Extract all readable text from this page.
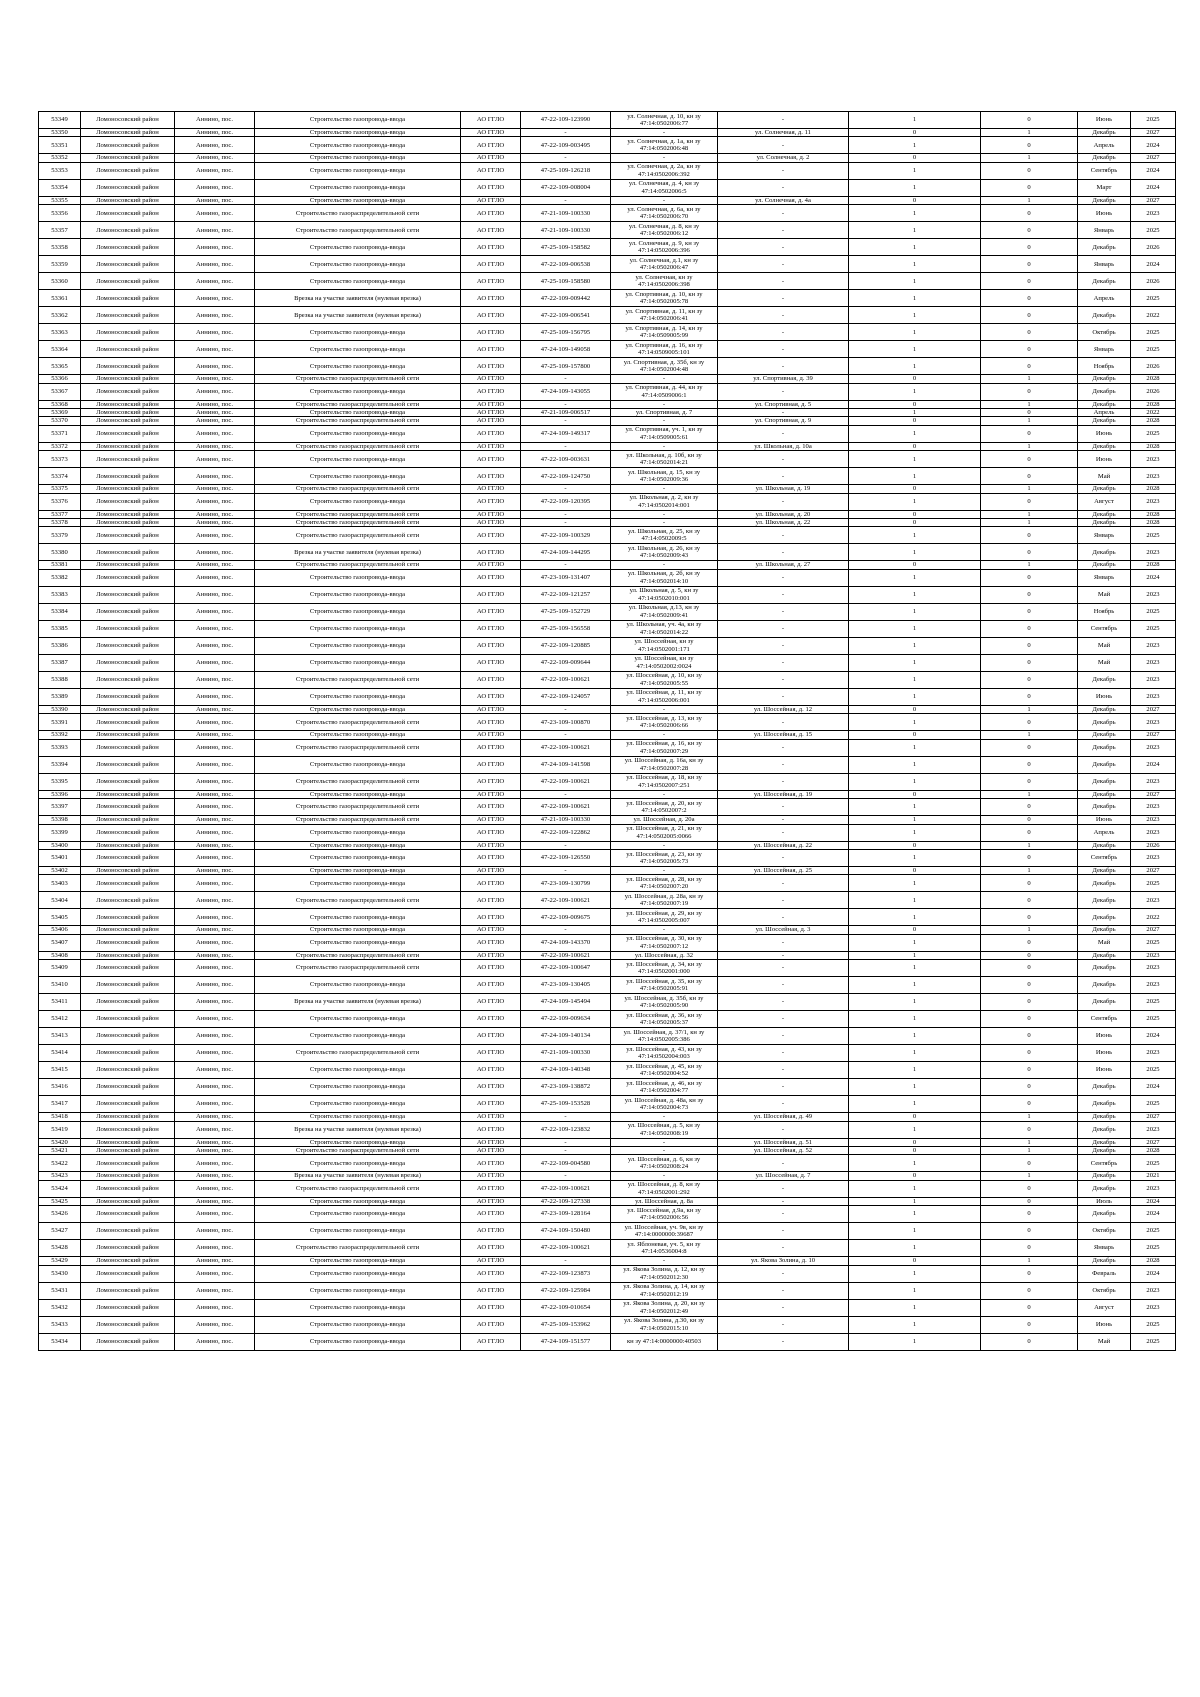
53349	Ломоносовский район	Аннино, пос.	Строительство газопровода-ввода	АО ГГЛО	47-22-109-123990	ул. Солнечная, д. 10, кн зу 47:14:0502006:77	-	1	0	Июнь	2025
53350	Ломоносовский район	Аннино, пос.	Строительство газопровода-ввода	АО ГГЛО	-	-	ул. Солнечная, д. 11	0	1	Декабрь	2027
53351	Ломоносовский район	Аннино, пос.	Строительство газопровода-ввода	АО ГГЛО	47-22-109-003495	ул. Солнечная, д. 1а, кн зу 47:14:0502006:48	-	1	0	Апрель	2024
53352	Ломоносовский район	Аннино, пос.	Строительство газопровода-ввода	АО ГГЛО	-	-	ул. Солнечная, д. 2	0	1	Декабрь	2027
53353	Ломоносовский район	Аннино, пос.	Строительство газопровода-ввода	АО ГГЛО	47-25-109-126218	ул. Солнечная, д. 2а, кн зу 47:14:0502006:392	-	1	0	Сентябрь	2024
53354	Ломоносовский район	Аннино, пос.	Строительство газопровода-ввода	АО ГГЛО	47-22-109-008004	ул. Солнечная, д. 4, кн зу 47:14:0502006:5	-	1	0	Март	2024
53355	Ломоносовский район	Аннино, пос.	Строительство газопровода-ввода	АО ГГЛО	-	-	ул. Солнечная, д. 4а	0	1	Декабрь	2027
53356	Ломоносовский район	Аннино, пос.	Строительство газораспределительной сети	АО ГГЛО	47-21-109-100330	ул. Солнечная, д. 6а, кн зу 47:14:0502006:70	-	1	0	Июнь	2023
53357	Ломоносовский район	Аннино, пос.	Строительство газораспределительной сети	АО ГГЛО	47-21-109-100330	ул. Солнечная, д. 8, кн зу 47:14:0502006:12	-	1	0	Январь	2025
53358	Ломоносовский район	Аннино, пос.	Строительство газопровода-ввода	АО ГГЛО	47-25-109-158582	ул. Солнечная, д. 9, кн зу 47:14:0502006:396	-	1	0	Декабрь	2026
53359	Ломоносовский район	Аннино, пос.	Строительство газопровода-ввода	АО ГГЛО	47-22-109-006538	ул. Солнечная, д.1, кн зу 47:14:0502006:47	-	1	0	Январь	2024
53360	Ломоносовский район	Аннино, пос.	Строительство газопровода-ввода	АО ГГЛО	47-25-109-158580	ул. Солнечная, кн зу 47:14:0502006:398	-	1	0	Декабрь	2026
53361	Ломоносовский район	Аннино, пос.	Врезка на участке заявителя (нулевая врезка)	АО ГГЛО	47-22-109-009442	ул. Спортивная, д. 10, кн зу 47:14:0502005:78	-	1	0	Апрель	2025
53362	Ломоносовский район	Аннино, пос.	Врезка на участке заявителя (нулевая врезка)	АО ГГЛО	47-22-109-006541	ул. Спортивная, д. 11, кн зу 47:14:0502006:41	-	1	0	Декабрь	2022
53363	Ломоносовский район	Аннино, пос.	Строительство газопровода-ввода	АО ГГЛО	47-25-109-156795	ул. Спортивная, д. 14, кн зу 47:14:0509005:99	-	1	0	Октябрь	2025
53364	Ломоносовский район	Аннино, пос.	Строительство газопровода-ввода	АО ГГЛО	47-24-109-149058	ул. Спортивная, д. 16, кн зу 47:14:0509005:101	-	1	0	Январь	2025
53365	Ломоносовский район	Аннино, пос.	Строительство газопровода-ввода	АО ГГЛО	47-25-109-157800	ул. Спортивная, д. 35б, кн зу 47:14:0502004:48	-	1	0	Ноябрь	2026
53366	Ломоносовский район	Аннино, пос.	Строительство газораспределительной сети	АО ГГЛО	-	-	ул. Спортивная, д. 39	0	1	Декабрь	2028
53367	Ломоносовский район	Аннино, пос.	Строительство газопровода-ввода	АО ГГЛО	47-24-109-143055	ул. Спортивная, д. 44, кн зу 47:14:0509006:1	-	1	0	Декабрь	2026
53368	Ломоносовский район	Аннино, пос.	Строительство газораспределительной сети	АО ГГЛО	-	-	ул. Спортивная, д. 5	0	1	Декабрь	2028
53369	Ломоносовский район	Аннино, пос.	Строительство газопровода-ввода	АО ГГЛО	47-21-109-006517	ул. Спортивная, д. 7	-	1	0	Апрель	2022
53370	Ломоносовский район	Аннино, пос.	Строительство газораспределительной сети	АО ГГЛО	-	-	ул. Спортивная, д. 9	0	1	Декабрь	2028
53371	Ломоносовский район	Аннино, пос.	Строительство газопровода-ввода	АО ГГЛО	47-24-109-149317	ул. Спортивная, уч. 1, кн зу 47:14:0509005:61	-	1	0	Июнь	2025
53372	Ломоносовский район	Аннино, пос.	Строительство газораспределительной сети	АО ГГЛО	-	-	ул. Школьная, д. 10а	0	1	Декабрь	2028
53373	Ломоносовский район	Аннино, пос.	Строительство газопровода-ввода	АО ГГЛО	47-22-109-003631	ул. Школьная, д. 10б, кн зу 47:14:0502014:21	-	1	0	Июнь	2023
53374	Ломоносовский район	Аннино, пос.	Строительство газопровода-ввода	АО ГГЛО	47-22-109-124750	ул. Школьная, д. 15, кн зу 47:14:0502009:36	-	1	0	Май	2023
53375	Ломоносовский район	Аннино, пос.	Строительство газораспределительной сети	АО ГГЛО	-	-	ул. Школьная, д. 19	0	1	Декабрь	2028
53376	Ломоносовский район	Аннино, пос.	Строительство газопровода-ввода	АО ГГЛО	47-22-109-120395	ул. Школьная, д. 2, кн зу 47:14:0502014:001	-	1	0	Август	2023
53377	Ломоносовский район	Аннино, пос.	Строительство газораспределительной сети	АО ГГЛО	-	-	ул. Школьная, д. 20	0	1	Декабрь	2028
53378	Ломоносовский район	Аннино, пос.	Строительство газораспределительной сети	АО ГГЛО	-	-	ул. Школьная, д. 22	0	1	Декабрь	2028
53379	Ломоносовский район	Аннино, пос.	Строительство газораспределительной сети	АО ГГЛО	47-22-109-100329	ул. Школьная, д. 25, кн зу 47:14:0502009:5	-	1	0	Январь	2025
53380	Ломоносовский район	Аннино, пос.	Врезка на участке заявителя (нулевая врезка)	АО ГГЛО	47-24-109-144295	ул. Школьная, д. 26, кн зу 47:14:0502009:43	-	1	0	Декабрь	2023
53381	Ломоносовский район	Аннино, пос.	Строительство газораспределительной сети	АО ГГЛО	-	-	ул. Школьная, д. 27	0	1	Декабрь	2028
53382	Ломоносовский район	Аннино, пос.	Строительство газопровода-ввода	АО ГГЛО	47-23-109-131407	ул. Школьная, д. 2б, кн зу 47:14:0502014:10	-	1	0	Январь	2024
53383	Ломоносовский район	Аннино, пос.	Строительство газопровода-ввода	АО ГГЛО	47-22-109-121257	ул. Школьная, д. 5, кн зу 47:14:0502010:001	-	1	0	Май	2023
53384	Ломоносовский район	Аннино, пос.	Строительство газопровода-ввода	АО ГГЛО	47-25-109-152729	ул. Школьная, д.13, кн зу 47:14:0502009:41	-	1	0	Ноябрь	2025
53385	Ломоносовский район	Аннино, пос.	Строительство газопровода-ввода	АО ГГЛО	47-25-109-156558	ул. Школьная, уч. 4а, кн зу 47:14:0502014:22	-	1	0	Сентябрь	2025
53386	Ломоносовский район	Аннино, пос.	Строительство газопровода-ввода	АО ГГЛО	47-22-109-120885	ул. Шоссейная, кн зу 47:14:0502001:171	-	1	0	Май	2023
53387	Ломоносовский район	Аннино, пос.	Строительство газопровода-ввода	АО ГГЛО	47-22-109-009644	ул. Шоссейная, кн зу 47:14:0502002:0024	-	1	0	Май	2023
53388	Ломоносовский район	Аннино, пос.	Строительство газораспределительной сети	АО ГГЛО	47-22-109-100621	ул. Шоссейная, д. 10, кн зу 47:14:0502005:55	-	1	0	Декабрь	2023
53389	Ломоносовский район	Аннино, пос.	Строительство газопровода-ввода	АО ГГЛО	47-22-109-124057	ул. Шоссейная, д. 11, кн зу 47:14:0502006:001	-	1	0	Июнь	2023
53390	Ломоносовский район	Аннино, пос.	Строительство газопровода-ввода	АО ГГЛО	-	-	ул. Шоссейная, д. 12	0	1	Декабрь	2027
53391	Ломоносовский район	Аннино, пос.	Строительство газораспределительной сети	АО ГГЛО	47-23-109-100870	ул. Шоссейная, д. 13, кн зу 47:14:0502006:66	-	1	0	Декабрь	2023
53392	Ломоносовский район	Аннино, пос.	Строительство газопровода-ввода	АО ГГЛО	-	-	ул. Шоссейная, д. 15	0	1	Декабрь	2027
53393	Ломоносовский район	Аннино, пос.	Строительство газораспределительной сети	АО ГГЛО	47-22-109-100621	ул. Шоссейная, д. 16, кн зу 47:14:0502007:29	-	1	0	Декабрь	2023
53394	Ломоносовский район	Аннино, пос.	Строительство газопровода-ввода	АО ГГЛО	47-24-109-141598	ул. Шоссейная, д. 16а, кн зу 47:14:0502007:28	-	1	0	Декабрь	2024
53395	Ломоносовский район	Аннино, пос.	Строительство газораспределительной сети	АО ГГЛО	47-22-109-100621	ул. Шоссейная, д. 18, кн зу 47:14:0502007:251	-	1	0	Декабрь	2023
53396	Ломоносовский район	Аннино, пос.	Строительство газопровода-ввода	АО ГГЛО	-	-	ул. Шоссейная, д. 19	0	1	Декабрь	2027
53397	Ломоносовский район	Аннино, пос.	Строительство газораспределительной сети	АО ГГЛО	47-22-109-100621	ул. Шоссейная, д. 20, кн зу 47:14:0502007:2	-	1	0	Декабрь	2023
53398	Ломоносовский район	Аннино, пос.	Строительство газораспределительной сети	АО ГГЛО	47-21-109-100330	ул. Шоссейная, д. 20а	-	1	0	Июнь	2023
53399	Ломоносовский район	Аннино, пос.	Строительство газопровода-ввода	АО ГГЛО	47-22-109-122862	ул. Шоссейная, д. 21, кн зу 47:14:0502005:0066	-	1	0	Апрель	2023
53400	Ломоносовский район	Аннино, пос.	Строительство газопровода-ввода	АО ГГЛО	-	-	ул. Шоссейная, д. 22	0	1	Декабрь	2026
53401	Ломоносовский район	Аннино, пос.	Строительство газопровода-ввода	АО ГГЛО	47-22-109-126550	ул. Шоссейная, д. 23, кн зу 47:14:0502005:73	-	1	0	Сентябрь	2023
53402	Ломоносовский район	Аннино, пос.	Строительство газопровода-ввода	АО ГГЛО	-	-	ул. Шоссейная, д. 25	0	1	Декабрь	2027
53403	Ломоносовский район	Аннино, пос.	Строительство газопровода-ввода	АО ГГЛО	47-23-109-130799	ул. Шоссейная, д. 28, кн зу 47:14:0502007:20	-	1	0	Декабрь	2025
53404	Ломоносовский район	Аннино, пос.	Строительство газораспределительной сети	АО ГГЛО	47-22-109-100621	ул. Шоссейная, д. 28а, кн зу 47:14:0502007:19	-	1	0	Декабрь	2023
53405	Ломоносовский район	Аннино, пос.	Строительство газопровода-ввода	АО ГГЛО	47-22-109-009675	ул. Шоссейная, д. 29, кн зу 47:14:0502005:007	-	1	0	Декабрь	2022
53406	Ломоносовский район	Аннино, пос.	Строительство газопровода-ввода	АО ГГЛО	-	-	ул. Шоссейная, д. 3	0	1	Декабрь	2027
53407	Ломоносовский район	Аннино, пос.	Строительство газопровода-ввода	АО ГГЛО	47-24-109-143370	ул. Шоссейная, д. 30, кн зу 47:14:0502007:12	-	1	0	Май	2025
53408	Ломоносовский район	Аннино, пос.	Строительство газораспределительной сети	АО ГГЛО	47-22-109-100621	ул. Шоссейная, д. 32	-	1	0	Декабрь	2023
53409	Ломоносовский район	Аннино, пос.	Строительство газораспределительной сети	АО ГГЛО	47-22-109-100647	ул. Шоссейная, д. 34, кн зу 47:14:0502001:000	-	1	0	Декабрь	2023
53410	Ломоносовский район	Аннино, пос.	Строительство газопровода-ввода	АО ГГЛО	47-23-109-130405	ул. Шоссейная, д. 35, кн зу 47:14:0502005:91	-	1	0	Декабрь	2023
53411	Ломоносовский район	Аннино, пос.	Врезка на участке заявителя (нулевая врезка)	АО ГГЛО	47-24-109-145494	ул. Шоссейная, д. 35б, кн зу 47:14:0502005:90	-	1	0	Декабрь	2025
53412	Ломоносовский район	Аннино, пос.	Строительство газопровода-ввода	АО ГГЛО	47-22-109-009634	ул. Шоссейная, д. 36, кн зу 47:14:0502005:37	-	1	0	Сентябрь	2025
53413	Ломоносовский район	Аннино, пос.	Строительство газопровода-ввода	АО ГГЛО	47-24-109-140134	ул. Шоссейная, д. 37/1, кн зу 47:14:0502005:386	-	1	0	Июнь	2024
53414	Ломоносовский район	Аннино, пос.	Строительство газораспределительной сети	АО ГГЛО	47-21-109-100330	ул. Шоссейная, д. 43, кн зу 47:14:0502004:003	-	1	0	Июнь	2023
53415	Ломоносовский район	Аннино, пос.	Строительство газопровода-ввода	АО ГГЛО	47-24-109-140348	ул. Шоссейная, д. 45, кн зу 47:14:0502004:52	-	1	0	Июнь	2025
53416	Ломоносовский район	Аннино, пос.	Строительство газопровода-ввода	АО ГГЛО	47-23-109-138872	ул. Шоссейная, д. 46, кн зу 47:14:0502004:77	-	1	0	Декабрь	2024
53417	Ломоносовский район	Аннино, пос.	Строительство газопровода-ввода	АО ГГЛО	47-25-109-153528	ул. Шоссейная, д. 48а, кн зу 47:14:0502004:73	-	1	0	Декабрь	2025
53418	Ломоносовский район	Аннино, пос.	Строительство газопровода-ввода	АО ГГЛО	-	-	ул. Шоссейная, д. 49	0	1	Декабрь	2027
53419	Ломоносовский район	Аннино, пос.	Врезка на участке заявителя (нулевая врезка)	АО ГГЛО	47-22-109-123832	ул. Шоссейная, д. 5, кн зу 47:14:0502008:19	-	1	0	Декабрь	2023
53420	Ломоносовский район	Аннино, пос.	Строительство газопровода-ввода	АО ГГЛО	-	-	ул. Шоссейная, д. 51	0	1	Декабрь	2027
53421	Ломоносовский район	Аннино, пос.	Строительство газораспределительной сети	АО ГГЛО	-	-	ул. Шоссейная, д. 52	0	1	Декабрь	2028
53422	Ломоносовский район	Аннино, пос.	Строительство газопровода-ввода	АО ГГЛО	47-22-109-004580	ул. Шоссейная, д. 6, кн зу 47:14:0502008:24	-	1	0	Сентябрь	2025
53423	Ломоносовский район	Аннино, пос.	Врезка на участке заявителя (нулевая врезка)	АО ГГЛО	-	-	ул. Шоссейная, д. 7	0	1	Декабрь	2021
53424	Ломоносовский район	Аннино, пос.	Строительство газораспределительной сети	АО ГГЛО	47-22-109-100621	ул. Шоссейная, д. 8, кн зу 47:14:0502001:292	-	1	0	Декабрь	2023
53425	Ломоносовский район	Аннино, пос.	Строительство газопровода-ввода	АО ГГЛО	47-22-109-127338	ул. Шоссейная, д. 8а	-	1	0	Июль	2024
53426	Ломоносовский район	Аннино, пос.	Строительство газопровода-ввода	АО ГГЛО	47-23-109-128164	ул. Шоссейная, д.9а, кн зу 47:14:0502006:56	-	1	0	Декабрь	2024
53427	Ломоносовский район	Аннино, пос.	Строительство газопровода-ввода	АО ГГЛО	47-24-109-150480	ул. Шоссейная, уч. 9в, кн зу 47:14:0000000:39687	-	1	0	Октябрь	2025
53428	Ломоносовский район	Аннино, пос.	Строительство газораспределительной сети	АО ГГЛО	47-22-109-100621	ул. Яблоневая, уч. 5, кн зу 47:14:0536004:8	-	1	0	Январь	2025
53429	Ломоносовский район	Аннино, пос.	Строительство газопровода-ввода	АО ГГЛО	-	-	ул. Якова Золина, д. 10	0	1	Декабрь	2028
53430	Ломоносовский район	Аннино, пос.	Строительство газопровода-ввода	АО ГГЛО	47-22-109-123873	ул. Якова Золина, д. 12, кн зу 47:14:0502012:30	-	1	0	Февраль	2024
53431	Ломоносовский район	Аннино, пос.	Строительство газопровода-ввода	АО ГГЛО	47-22-109-125984	ул. Якова Золина, д. 14, кн зу 47:14:0502012:19	-	1	0	Октябрь	2023
53432	Ломоносовский район	Аннино, пос.	Строительство газопровода-ввода	АО ГГЛО	47-22-109-010654	ул. Якова Золина, д. 20, кн зу 47:14:0502012:49	-	1	0	Август	2023
53433	Ломоносовский район	Аннино, пос.	Строительство газопровода-ввода	АО ГГЛО	47-25-109-153962	ул. Якова Золина, д.30, кн зу 47:14:0502015:10	-	1	0	Июнь	2025
53434	Ломоносовский район	Аннино, пос.	Строительство газопровода-ввода	АО ГГЛО	47-24-109-151577	кн зу 47:14:0000000:40503	-	1	0	Май	2025
